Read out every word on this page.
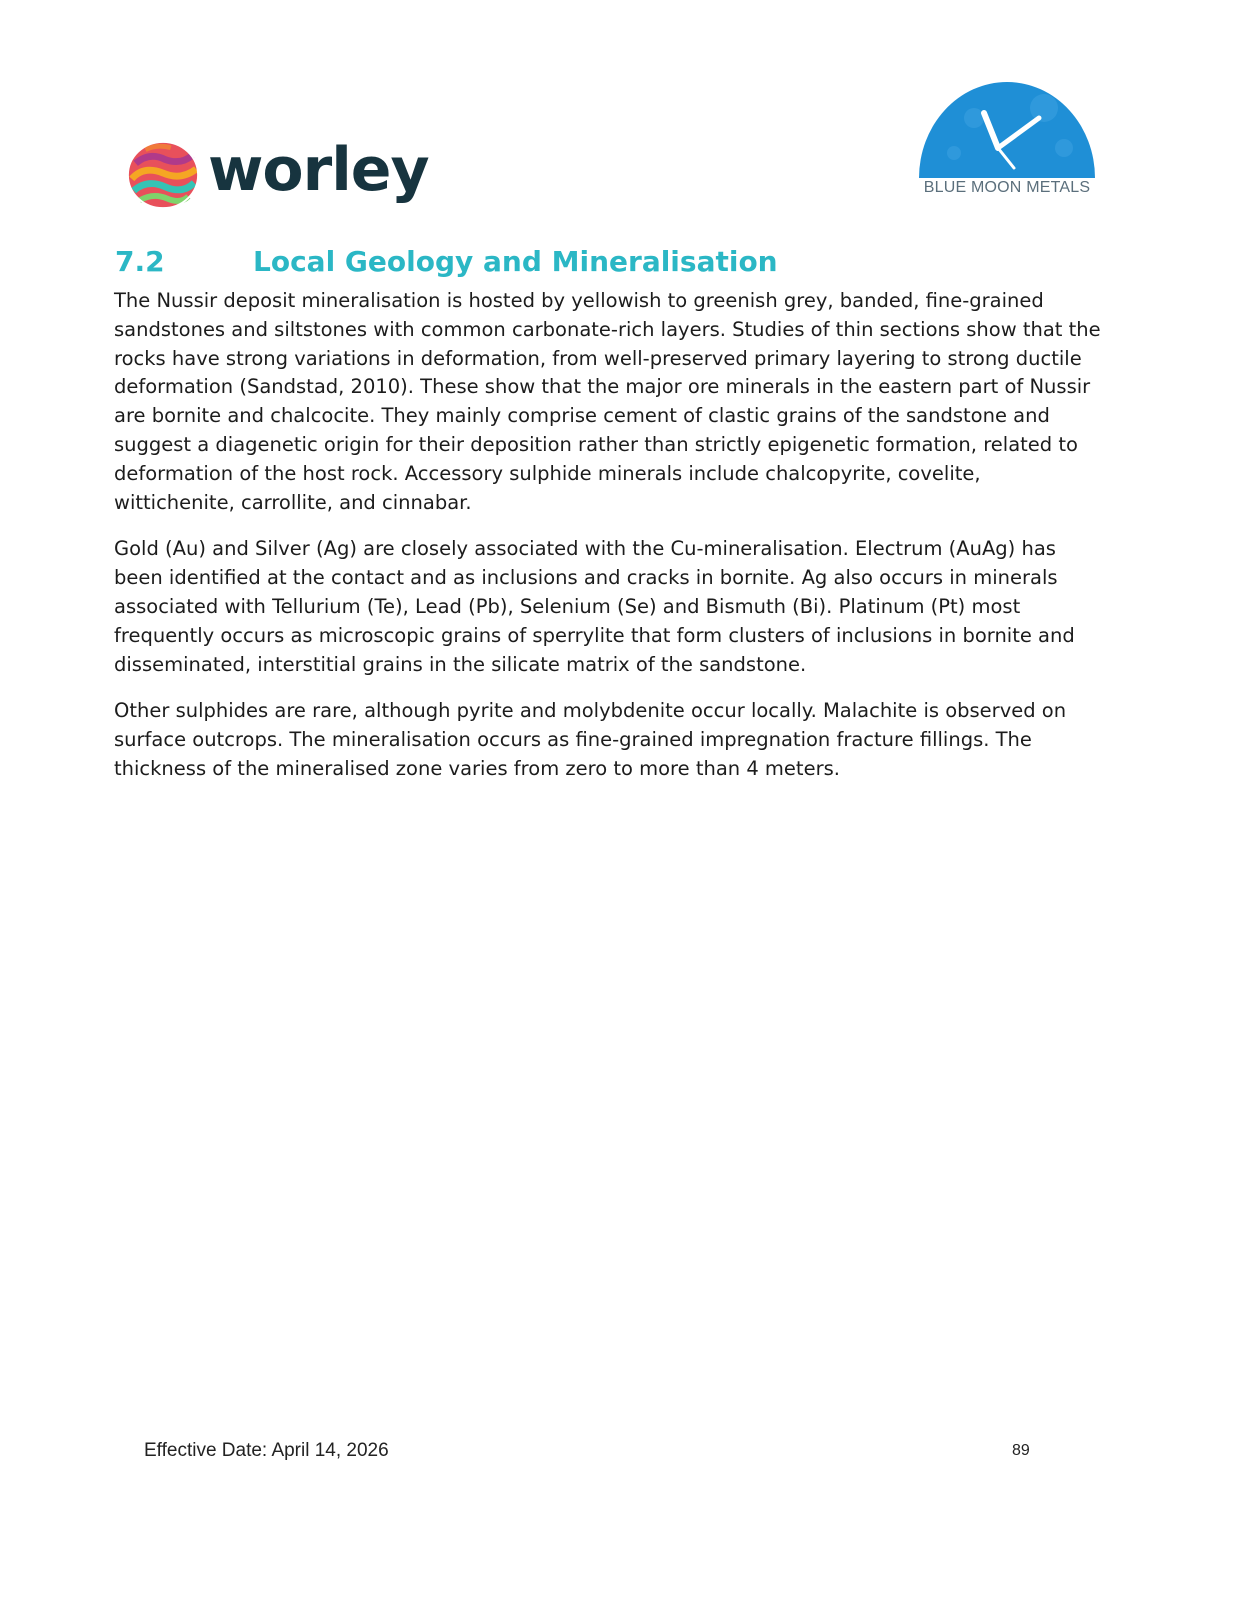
worley	BLUE MOON METALS
7.2	Local Geology and Mineralisation

The Nussir deposit mineralisation is hosted by yellowish to greenish grey, banded, fine-grained sandstones and siltstones with common carbonate-rich layers. Studies of thin sections show that the rocks have strong variations in deformation, from well-preserved primary layering to strong ductile deformation (Sandstad, 2010). These show that the major ore minerals in the eastern part of Nussir are bornite and chalcocite. They mainly comprise cement of clastic grains of the sandstone and suggest a diagenetic origin for their deposition rather than strictly epigenetic formation, related to deformation of the host rock. Accessory sulphide minerals include chalcopyrite, covelite, wittichenite, carrollite, and cinnabar.

Gold (Au) and Silver (Ag) are closely associated with the Cu-mineralisation. Electrum (AuAg) has been identified at the contact and as inclusions and cracks in bornite. Ag also occurs in minerals associated with Tellurium (Te), Lead (Pb), Selenium (Se) and Bismuth (Bi). Platinum (Pt) most frequently occurs as microscopic grains of sperrylite that form clusters of inclusions in bornite and disseminated, interstitial grains in the silicate matrix of the sandstone.

Other sulphides are rare, although pyrite and molybdenite occur locally. Malachite is observed on surface outcrops. The mineralisation occurs as fine-grained impregnation fracture fillings. The thickness of the mineralised zone varies from zero to more than 4 meters.

Effective Date: April 14, 2026	89
